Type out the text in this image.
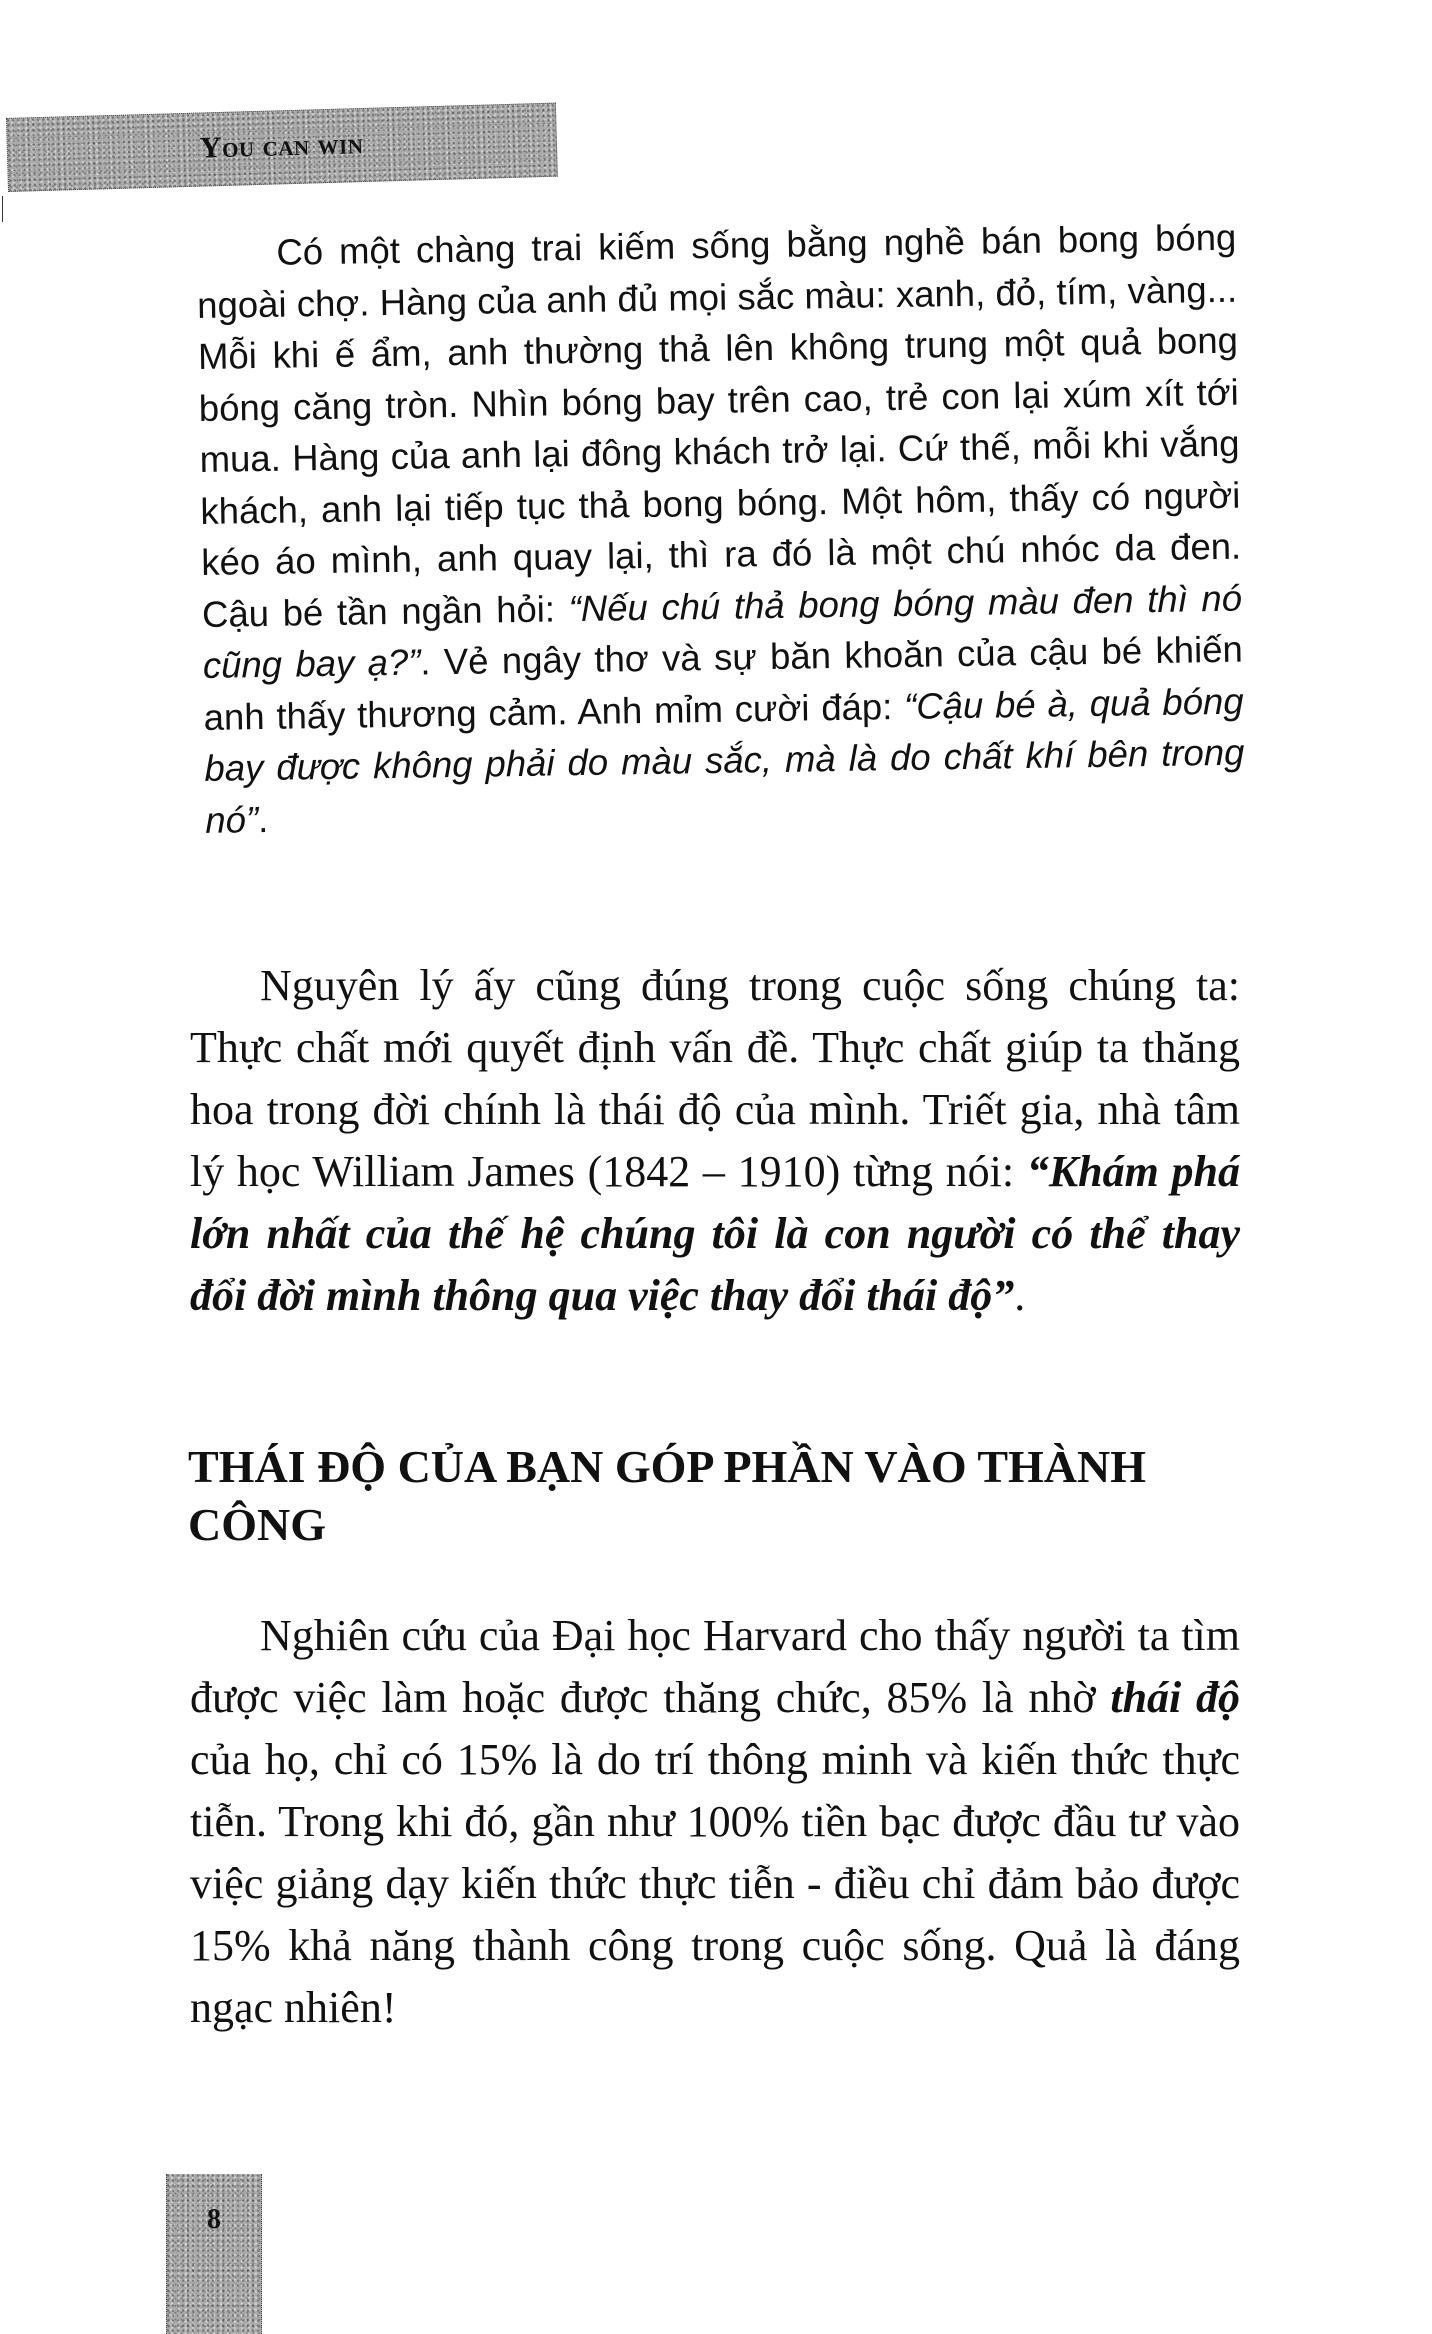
You can win

Có một chàng trai kiếm sống bằng nghề bán bong bóng ngoài chợ. Hàng của anh đủ mọi sắc màu: xanh, đỏ, tím, vàng... Mỗi khi ế ẩm, anh thường thả lên không trung một quả bong bóng căng tròn. Nhìn bóng bay trên cao, trẻ con lại xúm xít tới mua. Hàng của anh lại đông khách trở lại. Cứ thế, mỗi khi vắng khách, anh lại tiếp tục thả bong bóng. Một hôm, thấy có người kéo áo mình, anh quay lại, thì ra đó là một chú nhóc da đen. Cậu bé tần ngần hỏi: “Nếu chú thả bong bóng màu đen thì nó cũng bay ạ?”. Vẻ ngây thơ và sự băn khoăn của cậu bé khiến anh thấy thương cảm. Anh mỉm cười đáp: “Cậu bé à, quả bóng bay được không phải do màu sắc, mà là do chất khí bên trong nó”.

Nguyên lý ấy cũng đúng trong cuộc sống chúng ta: Thực chất mới quyết định vấn đề. Thực chất giúp ta thăng hoa trong đời chính là thái độ của mình. Triết gia, nhà tâm lý học William James (1842 – 1910) từng nói: “Khám phá lớn nhất của thế hệ chúng tôi là con người có thể thay đổi đời mình thông qua việc thay đổi thái độ”.

THÁI ĐỘ CỦA BẠN GÓP PHẦN VÀO THÀNH CÔNG

Nghiên cứu của Đại học Harvard cho thấy người ta tìm được việc làm hoặc được thăng chức, 85% là nhờ thái độ của họ, chỉ có 15% là do trí thông minh và kiến thức thực tiễn. Trong khi đó, gần như 100% tiền bạc được đầu tư vào việc giảng dạy kiến thức thực tiễn - điều chỉ đảm bảo được 15% khả năng thành công trong cuộc sống. Quả là đáng ngạc nhiên!

8
